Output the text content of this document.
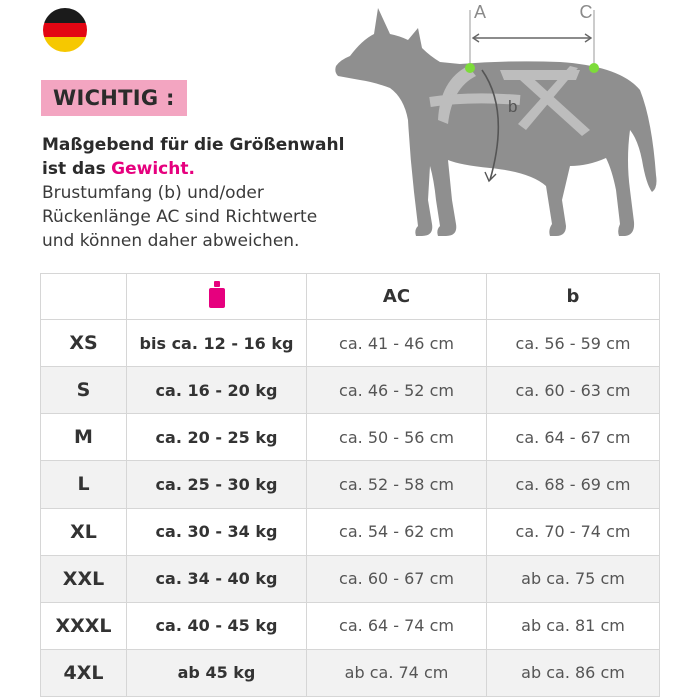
WICHTIG :
Maßgebend für die Größenwahl
ist das Gewicht.
Brustumfang (b) und/oder
Rückenlänge AC sind Richtwerte
und können daher abweichen.
A	C
b
		AC	b
XS	bis ca. 12 - 16 kg	ca. 41 - 46 cm	ca. 56 - 59 cm
S	ca. 16 - 20 kg	ca. 46 - 52 cm	ca. 60 - 63 cm
M	ca. 20 - 25 kg	ca. 50 - 56 cm	ca. 64 - 67 cm
L	ca. 25 - 30 kg	ca. 52 - 58 cm	ca. 68 - 69 cm
XL	ca. 30 - 34 kg	ca. 54 - 62 cm	ca. 70 - 74 cm
XXL	ca. 34 - 40 kg	ca. 60 - 67 cm	ab ca. 75 cm
XXXL	ca. 40 - 45 kg	ca. 64 - 74 cm	ab ca. 81 cm
4XL	ab 45 kg	ab ca. 74 cm	ab ca. 86 cm
